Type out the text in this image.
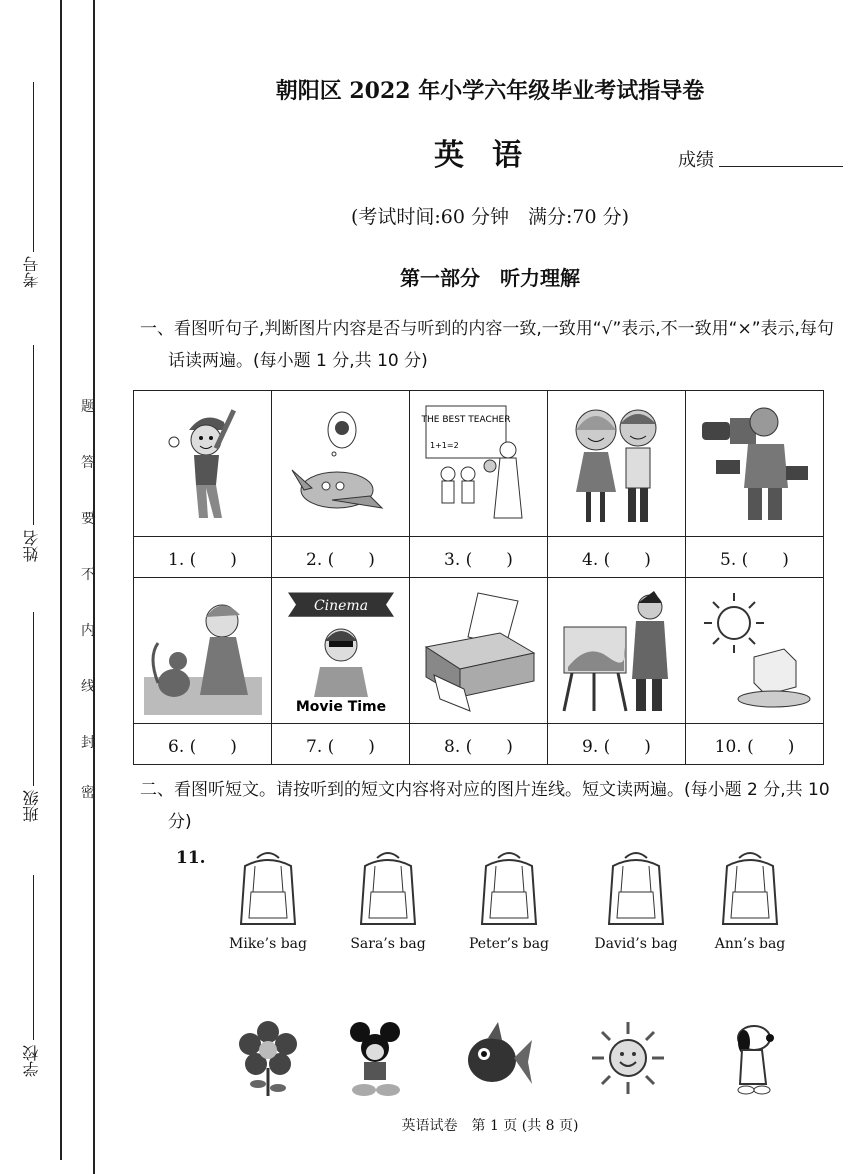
考号
姓名
班级
学校
题
答
要
不
内
线
封
密
朝阳区 2022 年小学六年级毕业考试指导卷
英语	成绩
(考试时间:60 分钟　满分:70 分)
第一部分　听力理解
一、看图听句子,判断图片内容是否与听到的内容一致,一致用“√”表示,不一致用“×”表示,每句话读两遍。(每小题 1 分,共 10 分)

THE BEST TEACHER
1+1=2

1. (　　)	2. (　　)	3. (　　)	4. (　　)	5. (　　)

Cinema
Movie Time

6. (　　)	7. (　　)	8. (　　)	9. (　　)	10. (　　)
二、看图听短文。请按听到的短文内容将对应的图片连线。短文读两遍。(每小题 2 分,共 10 分)
11.
Mike’s bag	Sara’s bag	Peter’s bag	David’s bag	Ann’s bag
英语试卷　第 1 页 (共 8 页)
